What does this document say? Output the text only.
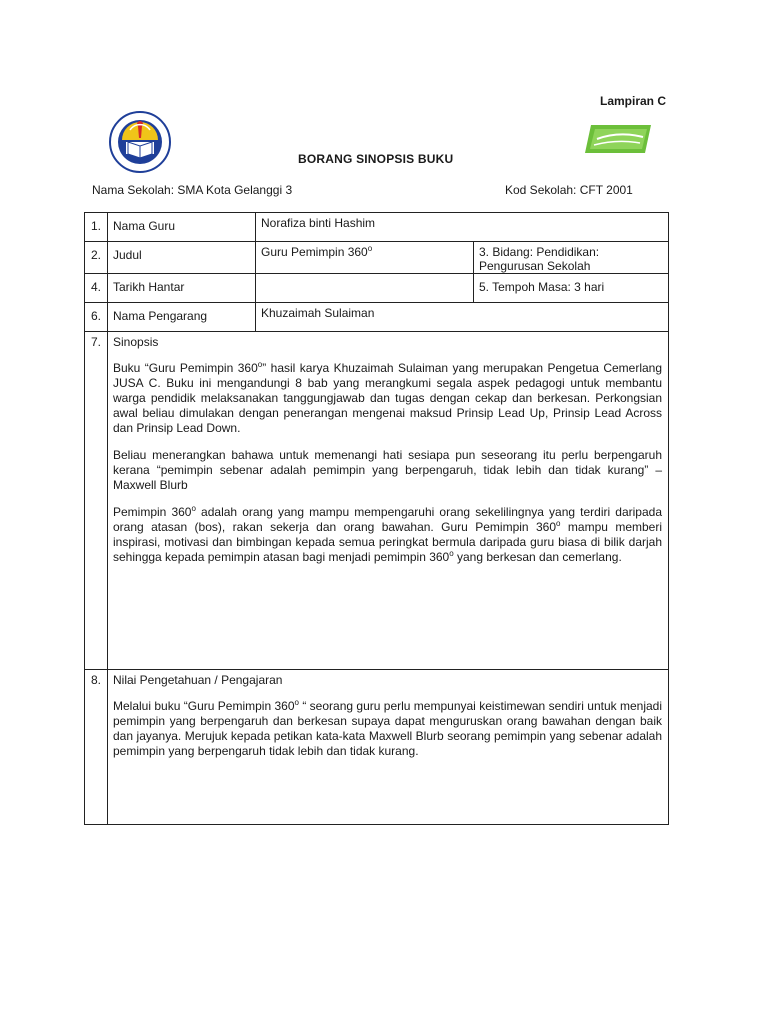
Lampiran C
BORANG SINOPSIS BUKU
Nama Sekolah: SMA Kota Gelanggi 3	Kod Sekolah: CFT 2001
1.	Nama Guru	Norafiza binti Hashim	
2.	Judul	Guru Pemimpin 360$^o$	3. Bidang: Pendidikan: Pengurusan Sekolah
4.	Tarikh Hantar		5. Tempoh Masa: 3 hari
6.	Nama Pengarang	Khuzaimah Sulaiman	
7.	Sinopsis

Buku “Guru Pemimpin 360$^o$” hasil karya Khuzaimah Sulaiman yang merupakan Pengetua Cemerlang JUSA C. Buku ini mengandungi 8 bab yang merangkumi segala aspek pedagogi untuk membantu warga pendidik melaksanakan tanggungjawab dan tugas dengan cekap dan berkesan. Perkongsian awal beliau dimulakan dengan penerangan mengenai maksud Prinsip Lead Up, Prinsip Lead Across dan Prinsip Lead Down.

Beliau menerangkan bahawa untuk memenangi hati sesiapa pun seseorang itu perlu berpengaruh kerana “pemimpin sebenar adalah pemimpin yang berpengaruh, tidak lebih dan tidak kurang” – Maxwell Blurb

Pemimpin 360$^o$ adalah orang yang mampu mempengaruhi orang sekelilingnya yang terdiri daripada orang atasan (bos), rakan sekerja dan orang bawahan. Guru Pemimpin 360$^o$ mampu memberi inspirasi, motivasi dan bimbingan kepada semua peringkat bermula daripada guru biasa di bilik darjah sehingga kepada pemimpin atasan bagi menjadi pemimpin 360$^o$ yang berkesan dan cemerlang.		

8.	Nilai Pengetahuan / Pengajaran

Melalui buku “Guru Pemimpin 360$^o$ “ seorang guru perlu mempunyai keistimewan sendiri untuk menjadi pemimpin yang berpengaruh dan berkesan supaya dapat menguruskan orang bawahan dengan baik dan jayanya. Merujuk kepada petikan kata-kata Maxwell Blurb seorang pemimpin yang sebenar adalah pemimpin yang berpengaruh tidak lebih dan tidak kurang.		
